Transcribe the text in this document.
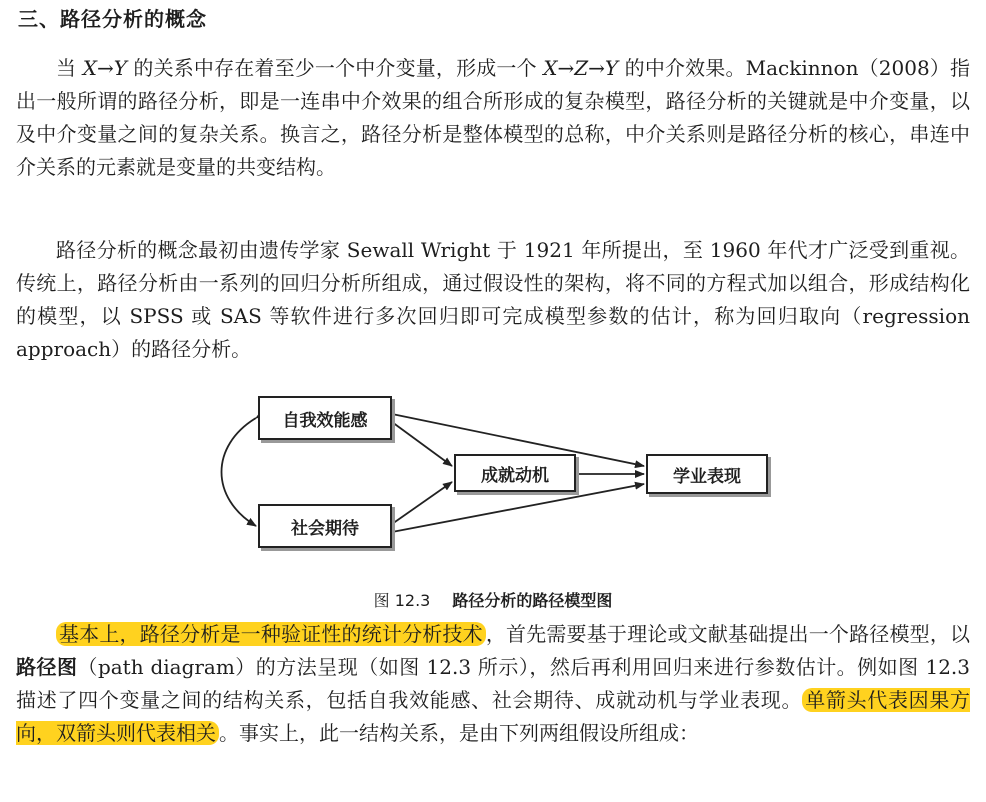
三、路径分析的概念

当 X→Y 的关系中存在着至少一个中介变量，形成一个 X→Z→Y 的中介效果。Mackinnon（2008）指出一般所谓的路径分析，即是一连串中介效果的组合所形成的复杂模型，路径分析的关键就是中介变量，以及中介变量之间的复杂关系。换言之，路径分析是整体模型的总称，中介关系则是路径分析的核心，串连中介关系的元素就是变量的共变结构。

路径分析的概念最初由遗传学家 Sewall Wright 于 1921 年所提出，至 1960 年代才广泛受到重视。传统上，路径分析由一系列的回归分析所组成，通过假设性的架构，将不同的方程式加以组合，形成结构化的模型，以 SPSS 或 SAS 等软件进行多次回归即可完成模型参数的估计，称为回归取向（regression approach）的路径分析。

自我效能感
社会期待
成就动机	学业表现
图 12.3 路径分析的路径模型图

基本上，路径分析是一种验证性的统计分析技术 ，首先需要基于理论或文献基础提出一个路径模型，以路径图（path diagram）的方法呈现（如图 12.3 所示），然后再利用回归来进行参数估计。例如图 12.3 描述了四个变量之间的结构关系，包括自我效能感、社会期待、成就动机与学业表现。 单箭头代表因果方向，双箭头则代表相关 。事实上，此一结构关系，是由下列两组假设所组成：
